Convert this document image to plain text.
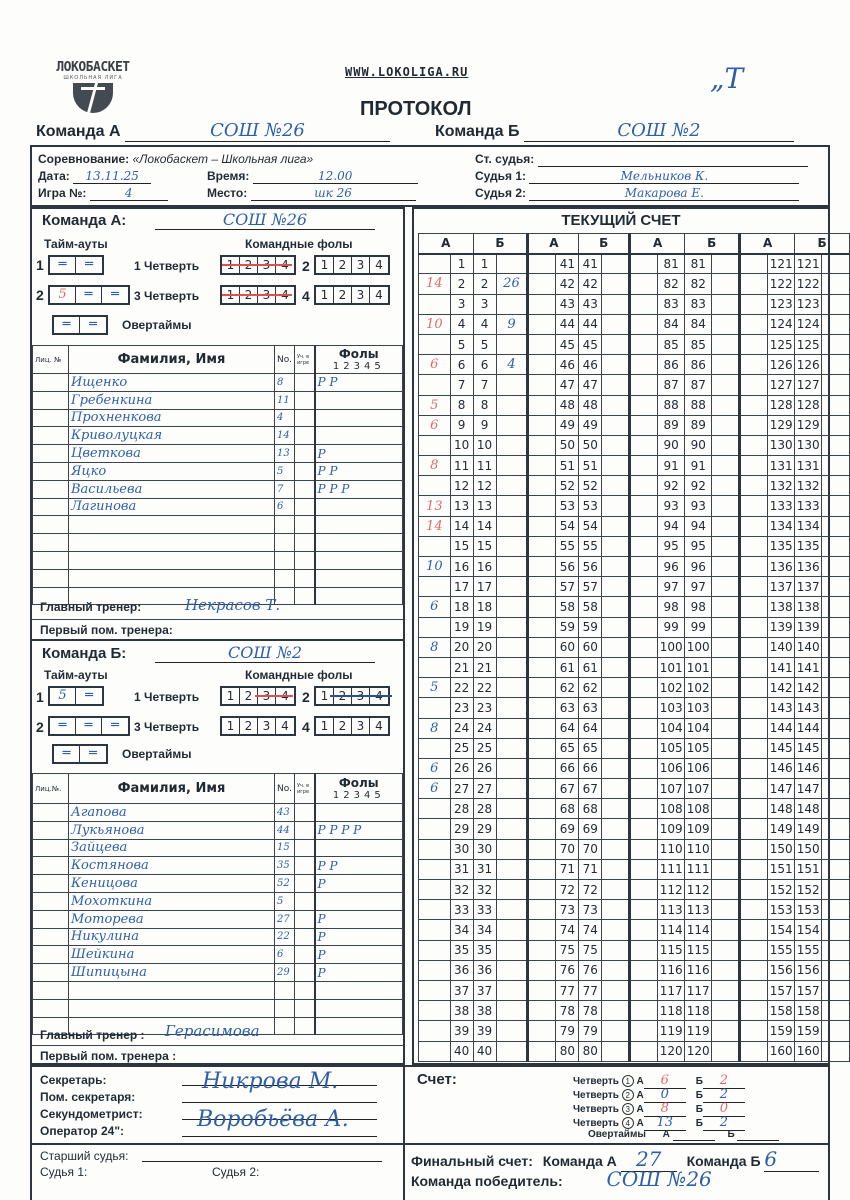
ЛОКОБАСКЕТ
ШКОЛЬНАЯ ЛИГА	WWW.LOKOLIGA.RU
ПРОТОКОЛ
„Т
Команда А	СОШ №26	Команда Б	СОШ №2
Соревнование: «Локобаскет – Школьная лига»
Дата: 13.11.25
Игра №:	4
Время:	12.00
Место:	шк 26
Ст. судья:
Судья 1:	Мельников К.
Судья 2:	Макарова Е.
Команда А:	СОШ №26
Тайм-ауты	Командные фолы
1	═	═
2	5	═	═
═	═	Овертаймы
1 Четверть	2 1 2 3 4
3 Четверть	4 1 2 3 4
Лиц. №	Фамилия, Имя	No.	Уч. в игре	Фолы
12345

	Ищенко	8		P P
	Гребенкина	11		
	Прохненкова	4		
	Криволуцкая	14		
	Цветкова	13		P
	Яцко	5		P P
	Васильева	7		P P P
	Лагинова	6		

Главный тренер:	Некрасов Т.
Первый пом. тренера:
Команда Б:	СОШ №2
Тайм-ауты	Командные фолы
1	5	═
2	═	═	═
═	═	Овертаймы
1 Четверть	1 2	2 1
3 Четверть	1 2 3 4 4 1 2 3 4
Лиц.№.	Фамилия, Имя	No.	Уч. в игре	Фолы
12345

	Агапова	43		
	Лукьянова	44		P P P P
	Зайцева	15		
	Костянова	35		P P
	Кеницова	52		P
	Мохоткина	5		
	Моторева	27		P
	Никулина	22		P
	Шейкина	6		P
	Шипицына	29		P

Главный тренер : Герасимова
Первый пом. тренера :
ТЕКУЩИЙ СЧЕТ
А		Б		А		Б		А		Б		А		Б	
	1	1			41	41			81	81			121	121	
14	2	2	26		42	42			82	82			122	122	
	3	3			43	43			83	83			123	123	
10	4	4	9		44	44			84	84			124	124	
	5	5			45	45			85	85			125	125	
6	6	6	4		46	46			86	86			126	126	
	7	7			47	47			87	87			127	127	
5	8	8			48	48			88	88			128	128	
6	9	9			49	49			89	89			129	129	
	10	10			50	50			90	90			130	130	
8	11	11			51	51			91	91			131	131	
	12	12			52	52			92	92			132	132	
13	13	13			53	53			93	93			133	133	
14	14	14			54	54			94	94			134	134	
	15	15			55	55			95	95			135	135	
10	16	16			56	56			96	96			136	136	
	17	17			57	57			97	97			137	137	
6	18	18			58	58			98	98			138	138	
	19	19			59	59			99	99			139	139	
8	20	20			60	60			100	100			140	140	
	21	21			61	61			101	101			141	141	
5	22	22			62	62			102	102			142	142	
	23	23			63	63			103	103			143	143	
8	24	24			64	64			104	104			144	144	
	25	25			65	65			105	105			145	145	
6	26	26			66	66			106	106			146	146	
6	27	27			67	67			107	107			147	147	
	28	28			68	68			108	108			148	148	
	29	29			69	69			109	109			149	149	
	30	30			70	70			110	110			150	150	
	31	31			71	71			111	111			151	151	
	32	32			72	72			112	112			152	152	
	33	33			73	73			113	113			153	153	
	34	34			74	74			114	114			154	154	
	35	35			75	75			115	115			155	155	
	36	36			76	76			116	116			156	156	
	37	37			77	77			117	117			157	157	
	38	38			78	78			118	118			158	158	
	39	39			79	79			119	119			159	159	
	40	40			80	80			120	120			160	160	
Секретарь:	Никрова М.
Пом. секретаря:
Секундометрист: Воробьёва А.
Оператор 24":
Старший судья:
Судья 1:	Судья 2:
Счет:	Четверть 1 А 6	Б 2
Четверть 2 А 0	Б 2
Четверть 3 А 8	Б 0
Четверть 4 А 13 Б 2
Овертаймы А	Б
Финальный счет: Команда А 27 Команда Б 6
Команда победитель: СОШ №26
